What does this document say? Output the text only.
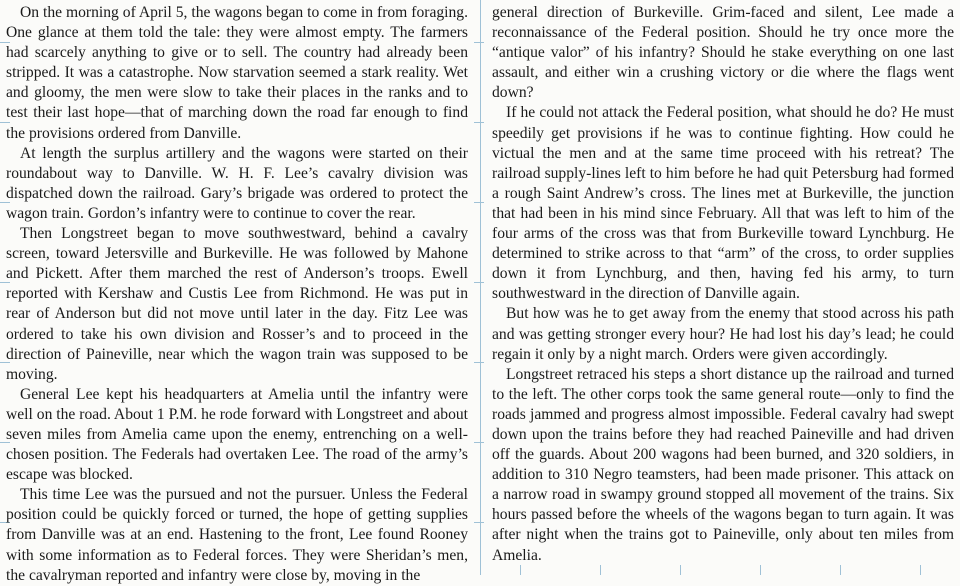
On the morning of April 5, the wagons began to come in from foraging. One glance at them told the tale: they were almost empty. The farmers had scarcely anything to give or to sell. The country had already been stripped. It was a catastrophe. Now starvation seemed a stark reality. Wet and gloomy, the men were slow to take their places in the ranks and to test their last hope—that of marching down the road far enough to find the provisions ordered from Danville.

At length the surplus artillery and the wagons were started on their roundabout way to Danville. W. H. F. Lee’s cavalry division was dispatched down the railroad. Gary’s brigade was ordered to protect the wagon train. Gordon’s infantry were to continue to cover the rear.

Then Longstreet began to move southwestward, behind a cavalry screen, toward Jetersville and Burkeville. He was followed by Mahone and Pickett. After them marched the rest of Anderson’s troops. Ewell reported with Kershaw and Custis Lee from Richmond. He was put in rear of Anderson but did not move until later in the day. Fitz Lee was ordered to take his own division and Rosser’s and to proceed in the direction of Paineville, near which the wagon train was supposed to be moving.

General Lee kept his headquarters at Amelia until the infantry were well on the road. About 1 P.M. he rode forward with Longstreet and about seven miles from Amelia came upon the enemy, entrenching on a well-chosen position. The Federals had overtaken Lee. The road of the army’s escape was blocked.

This time Lee was the pursued and not the pursuer. Unless the Federal position could be quickly forced or turned, the hope of getting supplies from Danville was at an end. Hastening to the front, Lee found Rooney with some information as to Federal forces. They were Sheridan’s men, the cavalryman reported and infantry were close by, moving in the

general direction of Burkeville. Grim-faced and silent, Lee made a reconnaissance of the Federal position. Should he try once more the “antique valor” of his infantry? Should he stake everything on one last assault, and either win a crushing victory or die where the flags went down?

If he could not attack the Federal position, what should he do? He must speedily get provisions if he was to continue fighting. How could he victual the men and at the same time proceed with his retreat? The railroad supply-lines left to him before he had quit Petersburg had formed a rough Saint Andrew’s cross. The lines met at Burkeville, the junction that had been in his mind since February. All that was left to him of the four arms of the cross was that from Burkeville toward Lynchburg. He determined to strike across to that “arm” of the cross, to order supplies down it from Lynchburg, and then, having fed his army, to turn southwestward in the direction of Danville again.

But how was he to get away from the enemy that stood across his path and was getting stronger every hour? He had lost his day’s lead; he could regain it only by a night march. Orders were given accordingly.

Longstreet retraced his steps a short distance up the railroad and turned to the left. The other corps took the same general route—only to find the roads jammed and progress almost impossible. Federal cavalry had swept down upon the trains before they had reached Paineville and had driven off the guards. About 200 wagons had been burned, and 320 soldiers, in addition to 310 Negro teamsters, had been made prisoner. This attack on a narrow road in swampy ground stopped all movement of the trains. Six hours passed before the wheels of the wagons began to turn again. It was after night when the trains got to Paineville, only about ten miles from Amelia.
